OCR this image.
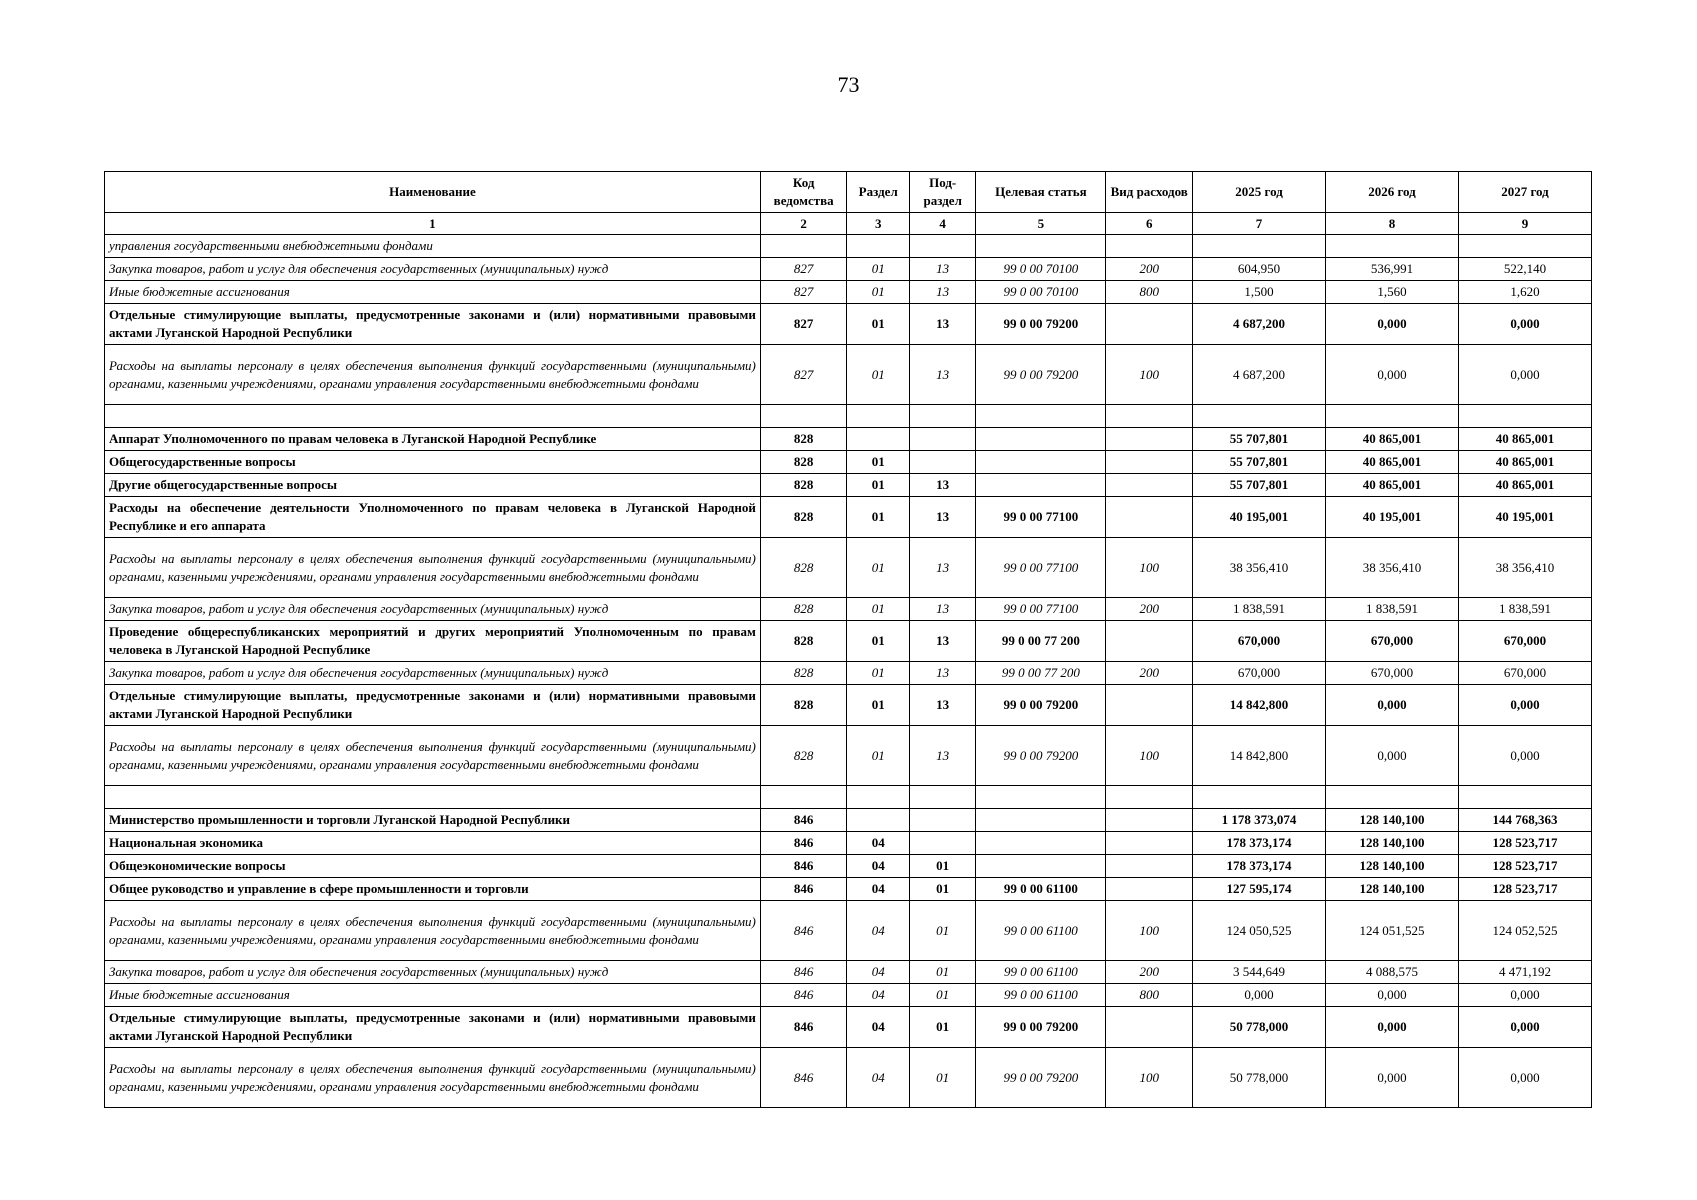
73
Наименование	Код ведомства	Раздел	Под-раздел	Целевая статья	Вид расходов	2025 год	2026 год	2027 год
1	2	3	4	5	6	7	8	9
управления государственными внебюджетными фондами								
Закупка товаров, работ и услуг для обеспечения государственных (муниципальных) нужд	827	01	13	99 0 00 70100	200	604,950	536,991	522,140
Иные бюджетные ассигнования	827	01	13	99 0 00 70100	800	1,500	1,560	1,620
Отдельные стимулирующие выплаты, предусмотренные законами и (или) нормативными правовыми актами Луганской Народной Республики	827	01	13	99 0 00 79200		4 687,200	0,000	0,000
Расходы на выплаты персоналу в целях обеспечения выполнения функций государственными (муниципальными) органами, казенными учреждениями, органами управления государственными внебюджетными фондами	827	01	13	99 0 00 79200	100	4 687,200	0,000	0,000

Аппарат Уполномоченного по правам человека в Луганской Народной Республике	828					55 707,801	40 865,001	40 865,001
Общегосударственные вопросы	828	01				55 707,801	40 865,001	40 865,001
Другие общегосударственные вопросы	828	01	13			55 707,801	40 865,001	40 865,001
Расходы на обеспечение деятельности Уполномоченного по правам человека в Луганской Народной Республике и его аппарата	828	01	13	99 0 00 77100		40 195,001	40 195,001	40 195,001
Расходы на выплаты персоналу в целях обеспечения выполнения функций государственными (муниципальными) органами, казенными учреждениями, органами управления государственными внебюджетными фондами	828	01	13	99 0 00 77100	100	38 356,410	38 356,410	38 356,410
Закупка товаров, работ и услуг для обеспечения государственных (муниципальных) нужд	828	01	13	99 0 00 77100	200	1 838,591	1 838,591	1 838,591
Проведение общереспубликанских мероприятий и других мероприятий Уполномоченным по правам человека в Луганской Народной Республике	828	01	13	99 0 00 77 200		670,000	670,000	670,000
Закупка товаров, работ и услуг для обеспечения государственных (муниципальных) нужд	828	01	13	99 0 00 77 200	200	670,000	670,000	670,000
Отдельные стимулирующие выплаты, предусмотренные законами и (или) нормативными правовыми актами Луганской Народной Республики	828	01	13	99 0 00 79200		14 842,800	0,000	0,000
Расходы на выплаты персоналу в целях обеспечения выполнения функций государственными (муниципальными) органами, казенными учреждениями, органами управления государственными внебюджетными фондами	828	01	13	99 0 00 79200	100	14 842,800	0,000	0,000

Министерство промышленности и торговли Луганской Народной Республики	846					1 178 373,074	128 140,100	144 768,363
Национальная экономика	846	04				178 373,174	128 140,100	128 523,717
Общеэкономические вопросы	846	04	01			178 373,174	128 140,100	128 523,717
Общее руководство и управление в сфере промышленности и торговли	846	04	01	99 0 00 61100		127 595,174	128 140,100	128 523,717
Расходы на выплаты персоналу в целях обеспечения выполнения функций государственными (муниципальными) органами, казенными учреждениями, органами управления государственными внебюджетными фондами	846	04	01	99 0 00 61100	100	124 050,525	124 051,525	124 052,525
Закупка товаров, работ и услуг для обеспечения государственных (муниципальных) нужд	846	04	01	99 0 00 61100	200	3 544,649	4 088,575	4 471,192
Иные бюджетные ассигнования	846	04	01	99 0 00 61100	800	0,000	0,000	0,000
Отдельные стимулирующие выплаты, предусмотренные законами и (или) нормативными правовыми актами Луганской Народной Республики	846	04	01	99 0 00 79200		50 778,000	0,000	0,000
Расходы на выплаты персоналу в целях обеспечения выполнения функций государственными (муниципальными) органами, казенными учреждениями, органами управления государственными внебюджетными фондами	846	04	01	99 0 00 79200	100	50 778,000	0,000	0,000
